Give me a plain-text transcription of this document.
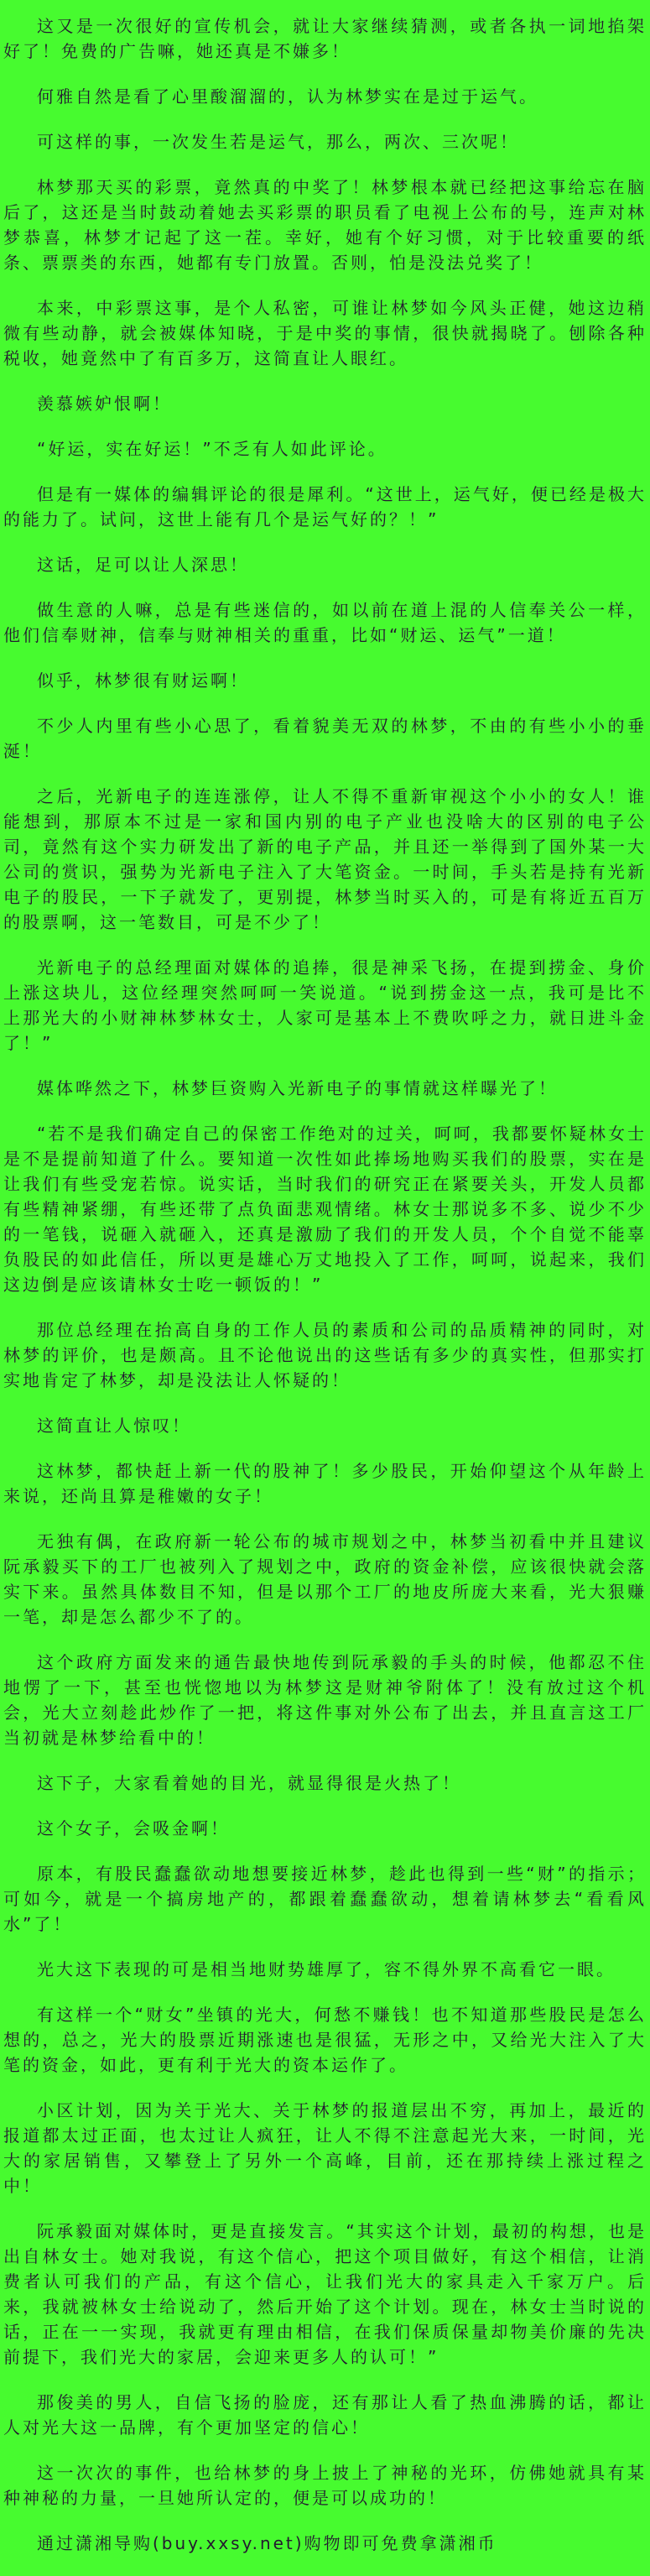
这又是一次很好的宣传机会，就让大家继续猜测，或者各执一词地掐架好了！免费的广告嘛，她还真是不嫌多！

何雅自然是看了心里酸溜溜的，认为林梦实在是过于运气。

可这样的事，一次发生若是运气，那么，两次、三次呢！

林梦那天买的彩票，竟然真的中奖了！林梦根本就已经把这事给忘在脑后了，这还是当时鼓动着她去买彩票的职员看了电视上公布的号，连声对林梦恭喜，林梦才记起了这一茬。幸好，她有个好习惯，对于比较重要的纸条、票票类的东西，她都有专门放置。否则，怕是没法兑奖了！

本来，中彩票这事，是个人私密，可谁让林梦如今风头正健，她这边稍微有些动静，就会被媒体知晓，于是中奖的事情，很快就揭晓了。刨除各种税收，她竟然中了有百多万，这简直让人眼红。

羡慕嫉妒恨啊！

“好运，实在好运！”不乏有人如此评论。

但是有一媒体的编辑评论的很是犀利。“这世上，运气好，便已经是极大的能力了。试问，这世上能有几个是运气好的？！”

这话，足可以让人深思！

做生意的人嘛，总是有些迷信的，如以前在道上混的人信奉关公一样，他们信奉财神，信奉与财神相关的重重，比如“财运、运气”一道！

似乎，林梦很有财运啊！

不少人内里有些小心思了，看着貌美无双的林梦，不由的有些小小的垂涎！

之后，光新电子的连连涨停，让人不得不重新审视这个小小的女人！谁能想到，那原本不过是一家和国内别的电子产业也没啥大的区别的电子公司，竟然有这个实力研发出了新的电子产品，并且还一举得到了国外某一大公司的赏识，强势为光新电子注入了大笔资金。一时间，手头若是持有光新电子的股民，一下子就发了，更别提，林梦当时买入的，可是有将近五百万的股票啊，这一笔数目，可是不少了！

光新电子的总经理面对媒体的追捧，很是神采飞扬，在提到捞金、身价上涨这块儿，这位经理突然呵呵一笑说道。“说到捞金这一点，我可是比不上那光大的小财神林梦林女士，人家可是基本上不费吹呼之力，就日进斗金了！”

媒体哗然之下，林梦巨资购入光新电子的事情就这样曝光了！

“若不是我们确定自己的保密工作绝对的过关，呵呵，我都要怀疑林女士是不是提前知道了什么。要知道一次性如此捧场地购买我们的股票，实在是让我们有些受宠若惊。说实话，当时我们的研究正在紧要关头，开发人员都有些精神紧绷，有些还带了点负面悲观情绪。林女士那说多不多、说少不少的一笔钱，说砸入就砸入，还真是激励了我们的开发人员，个个自觉不能辜负股民的如此信任，所以更是雄心万丈地投入了工作，呵呵，说起来，我们这边倒是应该请林女士吃一顿饭的！”

那位总经理在抬高自身的工作人员的素质和公司的品质精神的同时，对林梦的评价，也是颇高。且不论他说出的这些话有多少的真实性，但那实打实地肯定了林梦，却是没法让人怀疑的！

这简直让人惊叹！

这林梦，都快赶上新一代的股神了！多少股民，开始仰望这个从年龄上来说，还尚且算是稚嫩的女子！

无独有偶，在政府新一轮公布的城市规划之中，林梦当初看中并且建议阮承毅买下的工厂也被列入了规划之中，政府的资金补偿，应该很快就会落实下来。虽然具体数目不知，但是以那个工厂的地皮所庞大来看，光大狠赚一笔，却是怎么都少不了的。

这个政府方面发来的通告最快地传到阮承毅的手头的时候，他都忍不住地愣了一下，甚至也恍惚地以为林梦这是财神爷附体了！没有放过这个机会，光大立刻趁此炒作了一把，将这件事对外公布了出去，并且直言这工厂当初就是林梦给看中的！

这下子，大家看着她的目光，就显得很是火热了！

这个女子，会吸金啊！

原本，有股民蠢蠢欲动地想要接近林梦，趁此也得到一些“财”的指示；可如今，就是一个搞房地产的，都跟着蠢蠢欲动，想着请林梦去“看看风水”了！

光大这下表现的可是相当地财势雄厚了，容不得外界不高看它一眼。

有这样一个“财女”坐镇的光大，何愁不赚钱！也不知道那些股民是怎么想的，总之，光大的股票近期涨速也是很猛，无形之中，又给光大注入了大笔的资金，如此，更有利于光大的资本运作了。

小区计划，因为关于光大、关于林梦的报道层出不穷，再加上，最近的报道都太过正面，也太过让人疯狂，让人不得不注意起光大来，一时间，光大的家居销售，又攀登上了另外一个高峰，目前，还在那持续上涨过程之中！

阮承毅面对媒体时，更是直接发言。“其实这个计划，最初的构想，也是出自林女士。她对我说，有这个信心，把这个项目做好，有这个相信，让消费者认可我们的产品，有这个信心，让我们光大的家具走入千家万户。后来，我就被林女士给说动了，然后开始了这个计划。现在，林女士当时说的话，正在一一实现，我就更有理由相信，在我们保质保量却物美价廉的先决前提下，我们光大的家居，会迎来更多人的认可！”

那俊美的男人，自信飞扬的脸庞，还有那让人看了热血沸腾的话，都让人对光大这一品牌，有个更加坚定的信心！

这一次次的事件，也给林梦的身上披上了神秘的光环，仿佛她就具有某种神秘的力量，一旦她所认定的，便是可以成功的！

通过潇湘导购(buy.xxsy.net)购物即可免费拿潇湘币
